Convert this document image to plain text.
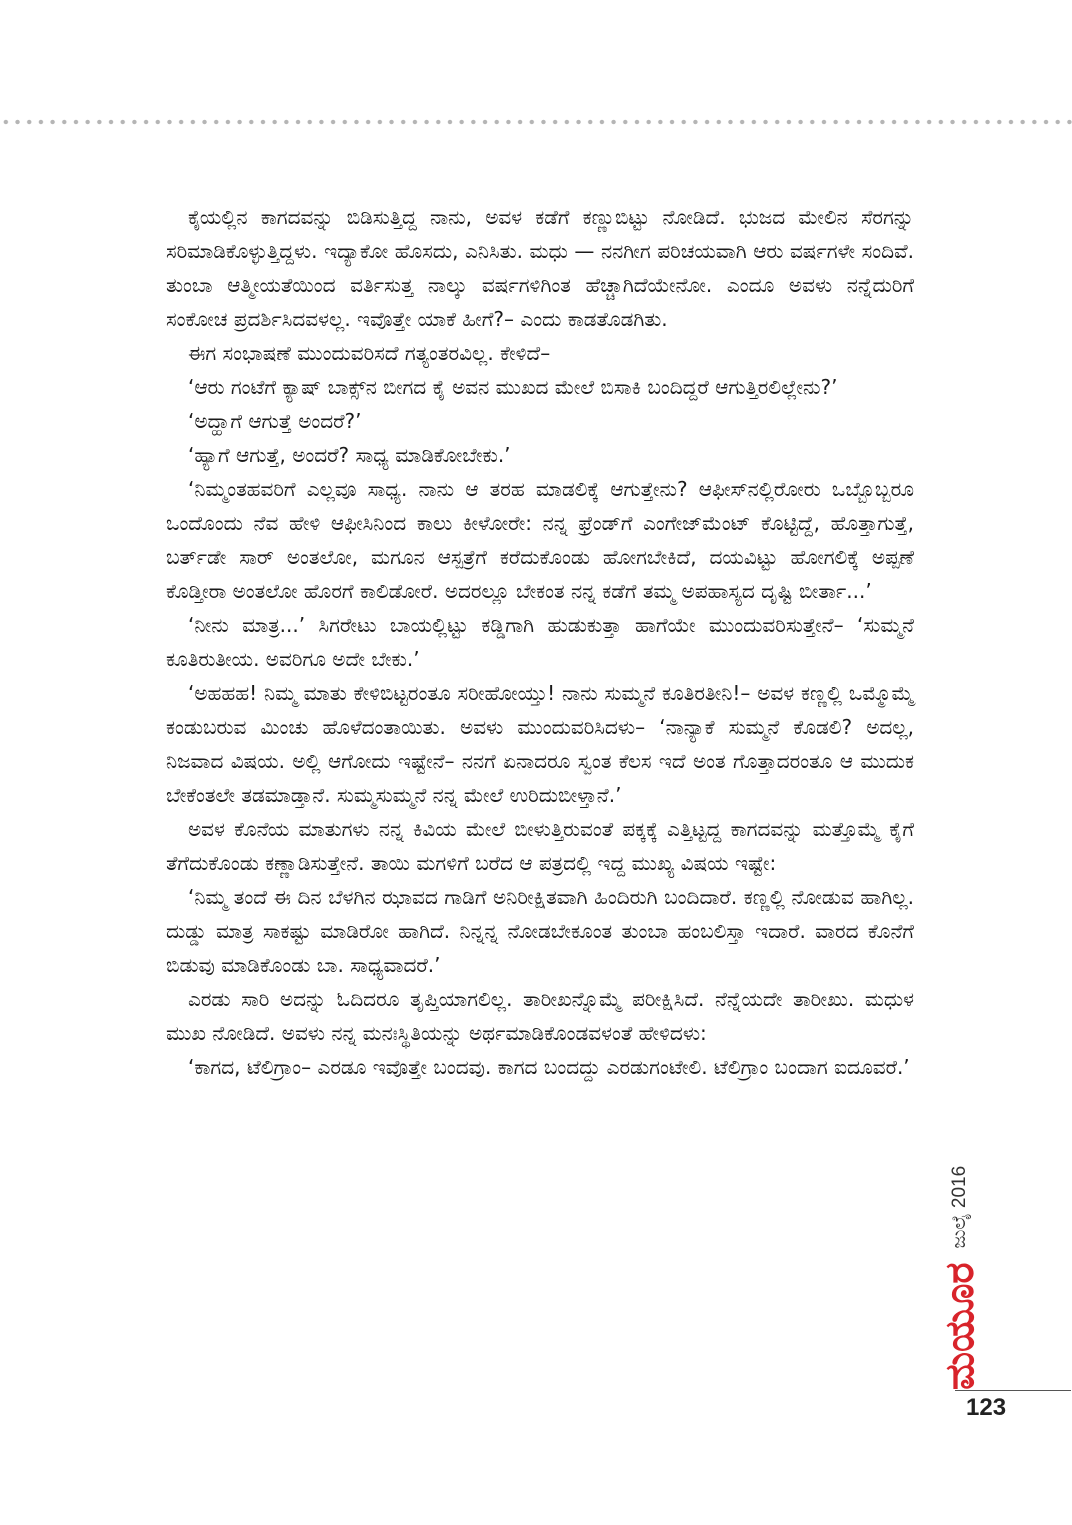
ಕೈಯಲ್ಲಿನ ಕಾಗದವನ್ನು ಬಿಡಿಸುತ್ತಿದ್ದ ನಾನು, ಅವಳ ಕಡೆಗೆ ಕಣ್ಣುಬಿಟ್ಟು ನೋಡಿದೆ. ಭುಜದ ಮೇಲಿನ ಸೆರಗನ್ನು ಸರಿಮಾಡಿಕೊಳ್ಳುತ್ತಿದ್ದಳು. ಇದ್ಯಾಕೋ ಹೊಸದು, ಎನಿಸಿತು. ಮಧು — ನನಗೀಗ ಪರಿಚಯವಾಗಿ ಆರು ವರ್ಷಗಳೇ ಸಂದಿವೆ. ತುಂಬಾ ಆತ್ಮೀಯತೆಯಿಂದ ವರ್ತಿಸುತ್ತ ನಾಲ್ಕು ವರ್ಷಗಳಿಗಿಂತ ಹೆಚ್ಚಾಗಿದೆಯೇನೋ. ಎಂದೂ ಅವಳು ನನ್ನೆದುರಿಗೆ ಸಂಕೋಚ ಪ್ರದರ್ಶಿಸಿದವಳಲ್ಲ. ಇವೊತ್ತೇ ಯಾಕೆ ಹೀಗೆ?– ಎಂದು ಕಾಡತೊಡಗಿತು.

ಈಗ ಸಂಭಾಷಣೆ ಮುಂದುವರಿಸದೆ ಗತ್ಯಂತರವಿಲ್ಲ. ಕೇಳಿದೆ–

‘ಆರು ಗಂಟೆಗೆ ಕ್ಯಾಷ್ ಬಾಕ್ಸ್‌ನ ಬೀಗದ ಕೈ ಅವನ ಮುಖದ ಮೇಲೆ ಬಿಸಾಕಿ ಬಂದಿದ್ದರೆ ಆಗುತ್ತಿರಲಿಲ್ಲೇನು?’

‘ಅದ್ಹಾಗೆ ಆಗುತ್ತೆ ಅಂದರೆ?’

‘ಹ್ಯಾಗೆ ಆಗುತ್ತೆ, ಅಂದರೆ? ಸಾಧ್ಯ ಮಾಡಿಕೋಬೇಕು.’

‘ನಿಮ್ಮಂತಹವರಿಗೆ ಎಲ್ಲವೂ ಸಾಧ್ಯ. ನಾನು ಆ ತರಹ ಮಾಡಲಿಕ್ಕೆ ಆಗುತ್ತೇನು? ಆಫೀಸ್‌ನಲ್ಲಿರೋರು ಒಬ್ಬೊಬ್ಬರೂ ಒಂದೊಂದು ನೆವ ಹೇಳಿ ಆಫೀಸಿನಿಂದ ಕಾಲು ಕೀಳೋರೇ: ನನ್ನ ಫ್ರೆಂಡ್‌ಗೆ ಎಂಗೇಜ್‌ಮೆಂಟ್ ಕೊಟ್ಟಿದ್ದೆ, ಹೊತ್ತಾಗುತ್ತೆ, ಬರ್ತ್‌ಡೇ ಸಾರ್ ಅಂತಲೋ, ಮಗೂನ ಆಸ್ಪತ್ರೆಗೆ ಕರೆದುಕೊಂಡು ಹೋಗಬೇಕಿದೆ, ದಯವಿಟ್ಟು ಹೋಗಲಿಕ್ಕೆ ಅಪ್ಪಣೆ ಕೊಡ್ತೀರಾ ಅಂತಲೋ ಹೊರಗೆ ಕಾಲಿಡೋರೆ. ಅದರಲ್ಲೂ ಬೇಕಂತ ನನ್ನ ಕಡೆಗೆ ತಮ್ಮ ಅಪಹಾಸ್ಯದ ದೃಷ್ಟಿ ಬೀರ್ತಾ...’

‘ನೀನು ಮಾತ್ರ...’ ಸಿಗರೇಟು ಬಾಯಲ್ಲಿಟ್ಟು ಕಡ್ಡಿಗಾಗಿ ಹುಡುಕುತ್ತಾ ಹಾಗೆಯೇ ಮುಂದುವರಿಸುತ್ತೇನೆ– ‘ಸುಮ್ಮನೆ ಕೂತಿರುತೀಯ. ಅವರಿಗೂ ಅದೇ ಬೇಕು.’

‘ಅಹಹಹ! ನಿಮ್ಮ ಮಾತು ಕೇಳಿಬಿಟ್ಟರಂತೂ ಸರೀಹೋಯ್ತು! ನಾನು ಸುಮ್ಮನೆ ಕೂತಿರತೀನಿ!– ಅವಳ ಕಣ್ಣಲ್ಲಿ ಒಮ್ಮೊಮ್ಮೆ ಕಂಡುಬರುವ ಮಿಂಚು ಹೊಳೆದಂತಾಯಿತು. ಅವಳು ಮುಂದುವರಿಸಿದಳು– ‘ನಾನ್ಯಾಕೆ ಸುಮ್ಮನೆ ಕೊಡಲಿ? ಅದಲ್ಲ, ನಿಜವಾದ ವಿಷಯ. ಅಲ್ಲಿ ಆಗೋದು ಇಷ್ಟೇನೆ– ನನಗೆ ಏನಾದರೂ ಸ್ವಂತ ಕೆಲಸ ಇದೆ ಅಂತ ಗೊತ್ತಾದರಂತೂ ಆ ಮುದುಕ ಬೇಕೆಂತಲೇ ತಡಮಾಡ್ತಾನೆ. ಸುಮ್ಮಸುಮ್ಮನೆ ನನ್ನ ಮೇಲೆ ಉರಿದುಬೀಳ್ತಾನೆ.’

ಅವಳ ಕೊನೆಯ ಮಾತುಗಳು ನನ್ನ ಕಿವಿಯ ಮೇಲೆ ಬೀಳುತ್ತಿರುವಂತೆ ಪಕ್ಕಕ್ಕೆ ಎತ್ತಿಟ್ಟದ್ದ ಕಾಗದವನ್ನು ಮತ್ತೊಮ್ಮೆ ಕೈಗೆ ತೆಗೆದುಕೊಂಡು ಕಣ್ಣಾಡಿಸುತ್ತೇನೆ. ತಾಯಿ ಮಗಳಿಗೆ ಬರೆದ ಆ ಪತ್ರದಲ್ಲಿ ಇದ್ದ ಮುಖ್ಯ ವಿಷಯ ಇಷ್ಟೇ:

‘ನಿಮ್ಮ ತಂದೆ ಈ ದಿನ ಬೆಳಗಿನ ಝಾವದ ಗಾಡಿಗೆ ಅನಿರೀಕ್ಷಿತವಾಗಿ ಹಿಂದಿರುಗಿ ಬಂದಿದಾರೆ. ಕಣ್ಣಲ್ಲಿ ನೋಡುವ ಹಾಗಿಲ್ಲ. ದುಡ್ಡು ಮಾತ್ರ ಸಾಕಷ್ಟು ಮಾಡಿರೋ ಹಾಗಿದೆ. ನಿನ್ನನ್ನ ನೋಡಬೇಕೂಂತ ತುಂಬಾ ಹಂಬಲಿಸ್ತಾ ಇದಾರೆ. ವಾರದ ಕೊನೆಗೆ ಬಿಡುವು ಮಾಡಿಕೊಂಡು ಬಾ. ಸಾಧ್ಯವಾದರೆ.’

ಎರಡು ಸಾರಿ ಅದನ್ನು ಓದಿದರೂ ತೃಪ್ತಿಯಾಗಲಿಲ್ಲ. ತಾರೀಖನ್ನೊಮ್ಮೆ ಪರೀಕ್ಷಿಸಿದೆ. ನೆನ್ನೆಯದೇ ತಾರೀಖು. ಮಧುಳ ಮುಖ ನೋಡಿದೆ. ಅವಳು ನನ್ನ ಮನಃಸ್ಥಿತಿಯನ್ನು ಅರ್ಥಮಾಡಿಕೊಂಡವಳಂತೆ ಹೇಳಿದಳು:

‘ಕಾಗದ, ಟೆಲಿಗ್ರಾಂ– ಎರಡೂ ಇವೊತ್ತೇ ಬಂದವು. ಕಾಗದ ಬಂದದ್ದು ಎರಡುಗಂಟೇಲಿ. ಟೆಲಿಗ್ರಾಂ ಬಂದಾಗ ಐದೂವರೆ.’

ಮಯೂರ
ಜುಲೈ 2016
123
